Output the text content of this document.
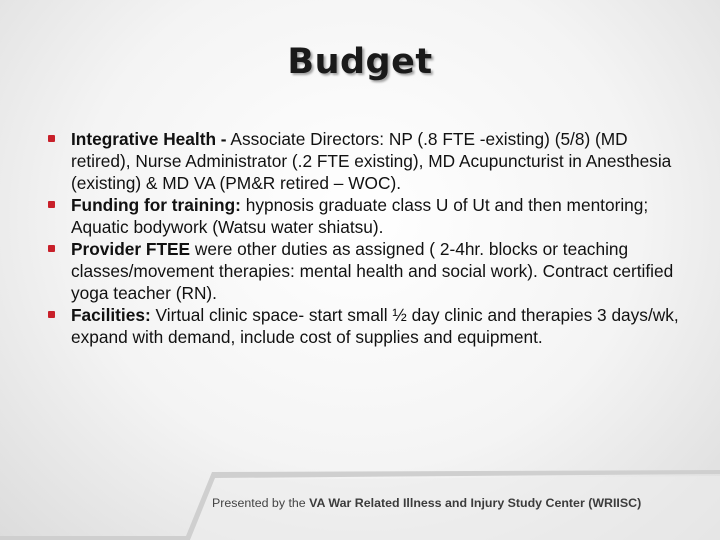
Budget
Integrative Health - Associate Directors: NP (.8 FTE -existing) (5/8) (MD retired), Nurse Administrator (.2 FTE existing), MD Acupuncturist in Anesthesia (existing) & MD VA (PM&R retired – WOC).
Funding for training: hypnosis graduate class U of Ut and then mentoring; Aquatic bodywork (Watsu water shiatsu).
Provider FTEE were other duties as assigned ( 2-4hr. blocks or teaching classes/movement therapies: mental health and social work). Contract certified yoga teacher (RN).
Facilities: Virtual clinic space- start small ½ day clinic and therapies 3 days/wk, expand with demand, include cost of supplies and equipment.
Presented by the VA War Related Illness and Injury Study Center (WRIISC)
